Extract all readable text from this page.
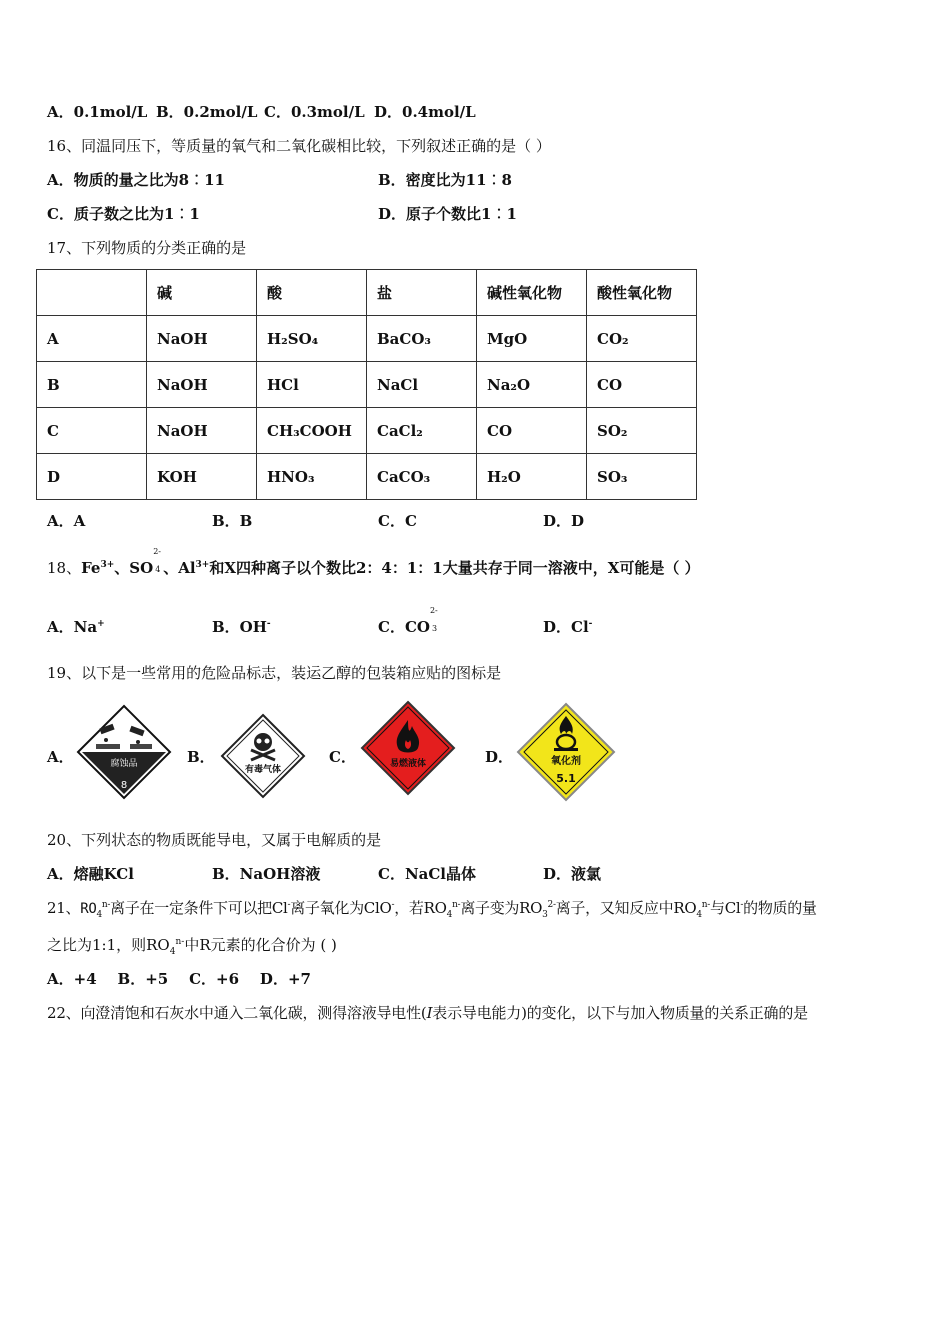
A．0.1mol/L B．0.2mol/L C．0.3mol/L D．0.4mol/L
16、同温同压下，等质量的氧气和二氧化碳相比较，下列叙述正确的是（ ）
A．物质的量之比为8︰11	B．密度比为11︰8
C．质子数之比为1︰1	D．原子个数比1︰1
17、下列物质的分类正确的是
	碱	酸	盐	碱性氧化物	酸性氧化物
A	NaOH	H₂SO₄	BaCO₃	MgO	CO₂
B	NaOH	HCl	NaCl	Na₂O	CO
C	NaOH	CH₃COOH	CaCl₂	CO	SO₂
D	KOH	HNO₃	CaCO₃	H₂O	SO₃
A．A	B．B	C．C	D．D
18、$Fe^{3+}$、SO
2-
4 、$Al^{3+}$和X四种离子以个数比2：4：1：1大量共存于同一溶液中，X可能是（ ）
A．Na+	B．OH-	C．CO
2-
3	D．Cl-
19、以下是一些常用的危险品标志，装运乙醇的包装箱应贴的图标是
A．	B．	C．	D．
腐蚀品
8
有毒气体
易燃液体	氧化剂
5.1
20、下列状态的物质既能导电，又属于电解质的是
A．熔融KCl	B．NaOH溶液	C．NaCl晶体	D．液氯
21、$RO_4^{n-}$离子在一定条件下可以把Cl-离子氧化为ClO-，若$RO_4^{n-}$离子变为$RO_3^{2-}$离子，又知反应中$RO_4^{n-}$与Cl-的物质的量
之比为1:1，则$RO_4^{n-}$中R元素的化合价为 ( )
A．+4    B．+5    C．+6    D．+7
22、向澄清饱和石灰水中通入二氧化碳，测得溶液导电性(I表示导电能力)的变化，以下与加入物质量的关系正确的是
